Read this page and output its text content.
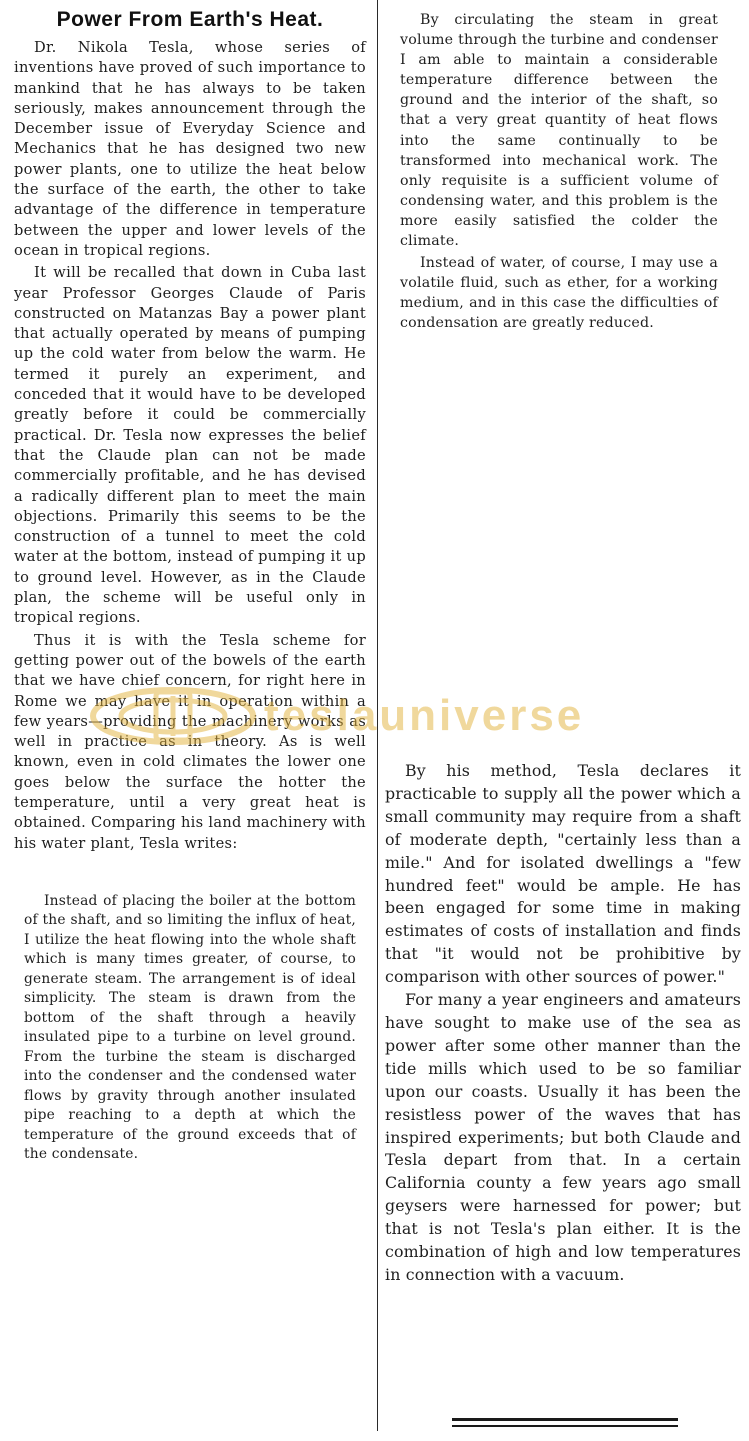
Power From Earth's Heat.

Dr. Nikola Tesla, whose series of inventions have proved of such importance to mankind that he has always to be taken seriously, makes announcement through the December issue of Everyday Science and Mechanics that he has designed two new power plants, one to utilize the heat below the surface of the earth, the other to take advantage of the difference in temperature between the upper and lower levels of the ocean in tropical regions.

It will be recalled that down in Cuba last year Professor Georges Claude of Paris constructed on Matanzas Bay a power plant that actually operated by means of pumping up the cold water from below the warm. He termed it purely an experiment, and conceded that it would have to be developed greatly before it could be commercially practical. Dr. Tesla now expresses the belief that the Claude plan can not be made commercially profitable, and he has devised a radically different plan to meet the main objections. Primarily this seems to be the construction of a tunnel to meet the cold water at the bottom, instead of pumping it up to ground level. However, as in the Claude plan, the scheme will be useful only in tropical regions.

Thus it is with the Tesla scheme for getting power out of the bowels of the earth that we have chief concern, for right here in Rome we may have it in operation within a few years—providing the machinery works as well in practice as in theory. As is well known, even in cold climates the lower one goes below the surface the hotter the temperature, until a very great heat is obtained. Comparing his land machinery with his water plant, Tesla writes:

Instead of placing the boiler at the bottom of the shaft, and so limiting the influx of heat, I utilize the heat flowing into the whole shaft which is many times greater, of course, to generate steam. The arrangement is of ideal simplicity. The steam is drawn from the bottom of the shaft through a heavily insulated pipe to a turbine on level ground. From the turbine the steam is discharged into the condenser and the condensed water flows by gravity through another insulated pipe reaching to a depth at which the temperature of the ground exceeds that of the condensate.

By circulating the steam in great volume through the turbine and condenser I am able to maintain a considerable temperature difference between the ground and the interior of the shaft, so that a very great quantity of heat flows into the same continually to be transformed into mechanical work. The only requisite is a sufficient volume of condensing water, and this problem is the more easily satisfied the colder the climate.

Instead of water, of course, I may use a volatile fluid, such as ether, for a working medium, and in this case the difficulties of condensation are greatly reduced.

By his method, Tesla declares it practicable to supply all the power which a small community may require from a shaft of moderate depth, "certainly less than a mile." And for isolated dwellings a "few hundred feet" would be ample. He has been engaged for some time in making estimates of costs of installation and finds that "it would not be prohibitive by comparison with other sources of power."

For many a year engineers and amateurs have sought to make use of the sea as power after some other manner than the tide mills which used to be so familiar upon our coasts. Usually it has been the resistless power of the waves that has inspired experiments; but both Claude and Tesla depart from that. In a certain California county a few years ago small geysers were harnessed for power; but that is not Tesla's plan either. It is the combination of high and low temperatures in connection with a vacuum.

teslauniverse
